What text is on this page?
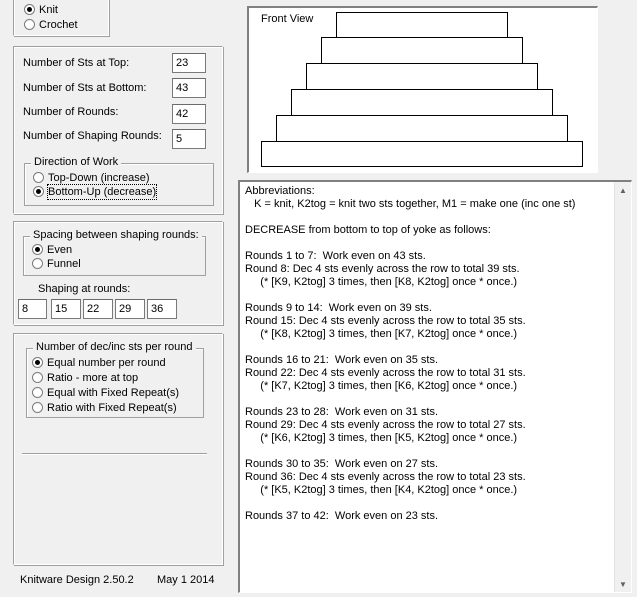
Knit
Crochet
Number of Sts at Top:	23
Number of Sts at Bottom:	43
Number of Rounds:	42
Number of Shaping Rounds:	5
Direction of Work
Top-Down (increase)
Bottom-Up (decrease)
Spacing between shaping rounds:
Even
Funnel
Shaping at rounds:
8	15	22	29	36
Number of dec/inc sts per round
Equal number per round
Ratio - more at top
Equal with Fixed Repeat(s)
Ratio with Fixed Repeat(s)
Knitware Design 2.50.2 May 1 2014
Front View
Abbreviations:
K = knit, K2tog = knit two sts together, M1 = make one (inc one st)
DECREASE from bottom to top of yoke as follows:
Rounds 1 to 7:  Work even on 43 sts.
Round 8: Dec 4 sts evenly across the row to total 39 sts.
(* [K9, K2tog] 3 times, then [K8, K2tog] once * once.)
Rounds 9 to 14:  Work even on 39 sts.
Round 15: Dec 4 sts evenly across the row to total 35 sts.
(* [K8, K2tog] 3 times, then [K7, K2tog] once * once.)
Rounds 16 to 21:  Work even on 35 sts.
Round 22: Dec 4 sts evenly across the row to total 31 sts.
(* [K7, K2tog] 3 times, then [K6, K2tog] once * once.)
Rounds 23 to 28:  Work even on 31 sts.
Round 29: Dec 4 sts evenly across the row to total 27 sts.
(* [K6, K2tog] 3 times, then [K5, K2tog] once * once.)
Rounds 30 to 35:  Work even on 27 sts.
Round 36: Dec 4 sts evenly across the row to total 23 sts.
(* [K5, K2tog] 3 times, then [K4, K2tog] once * once.)
Rounds 37 to 42:  Work even on 23 sts.
▲
▼
